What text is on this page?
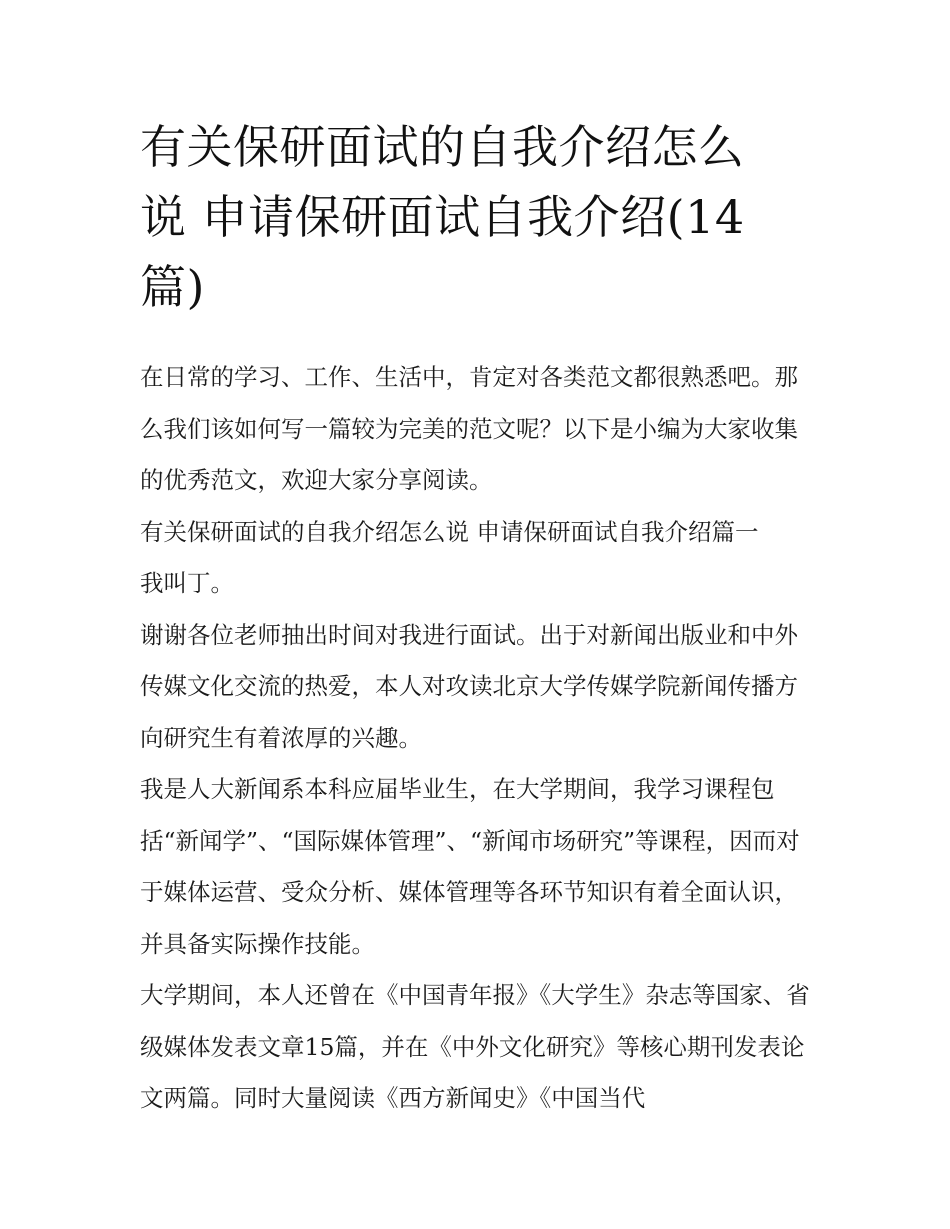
有关保研面试的自我介绍怎么
说 申请保研面试自我介绍(14
篇)

在日常的学习、工作、生活中，肯定对各类范文都很熟悉吧。那么我们该如何写一篇较为完美的范文呢？以下是小编为大家收集的优秀范文，欢迎大家分享阅读。

有关保研面试的自我介绍怎么说 申请保研面试自我介绍篇一

我叫丁。

谢谢各位老师抽出时间对我进行面试。出于对新闻出版业和中外传媒文化交流的热爱，本人对攻读北京大学传媒学院新闻传播方向研究生有着浓厚的兴趣。

我是人大新闻系本科应届毕业生，在大学期间，我学习课程包括“新闻学”、“国际媒体管理”、“新闻市场研究”等课程，因而对于媒体运营、受众分析、媒体管理等各环节知识有着全面认识，并具备实际操作技能。

大学期间，本人还曾在《中国青年报》《大学生》杂志等国家、省级媒体发表文章15篇，并在《中外文化研究》等核心期刊发表论文两篇。同时大量阅读《西方新闻史》《中国当代
